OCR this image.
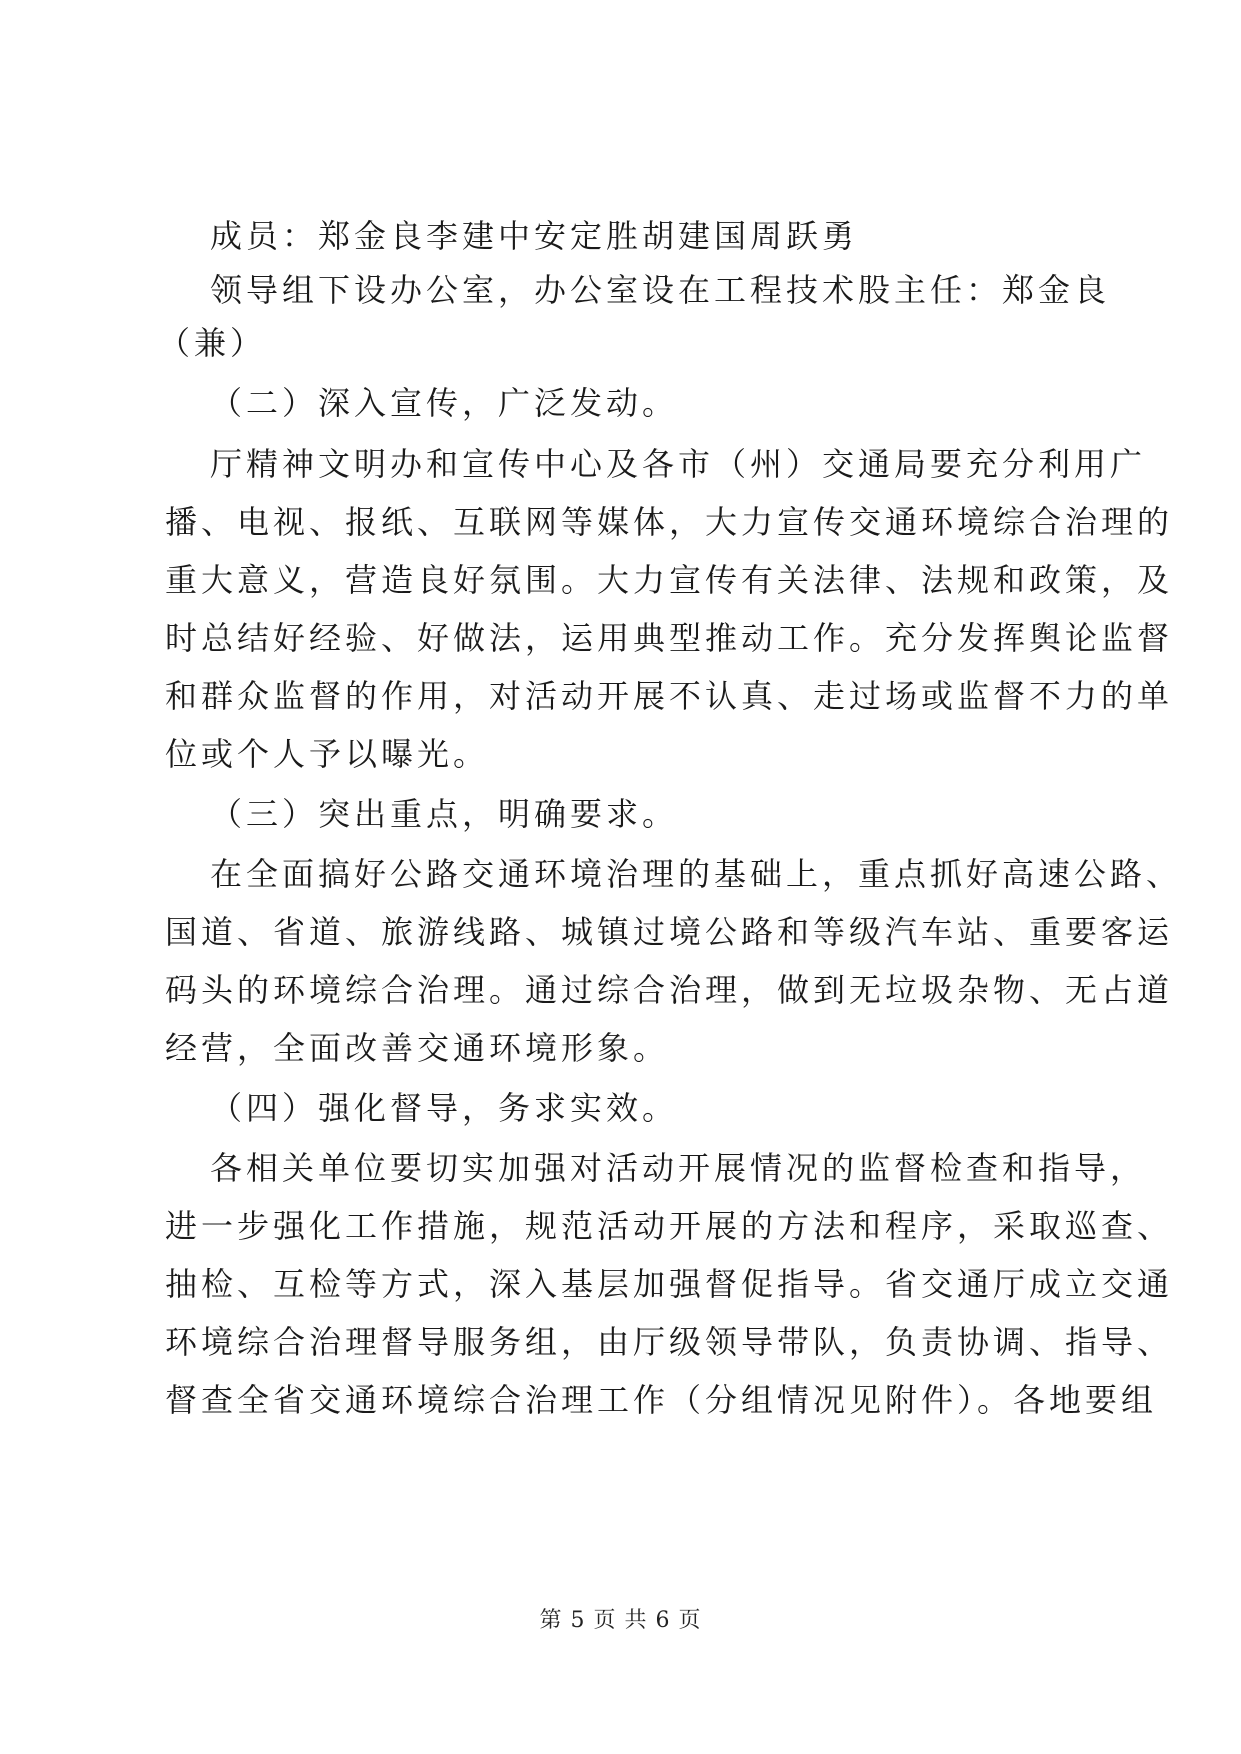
成员：郑金良李建中安定胜胡建国周跃勇
领导组下设办公室，办公室设在工程技术股主任：郑金良
（兼）
（二）深入宣传，广泛发动。
厅精神文明办和宣传中心及各市（州）交通局要充分利用广
播、电视、报纸、互联网等媒体，大力宣传交通环境综合治理的
重大意义，营造良好氛围。大力宣传有关法律、法规和政策，及
时总结好经验、好做法，运用典型推动工作。充分发挥舆论监督
和群众监督的作用，对活动开展不认真、走过场或监督不力的单
位或个人予以曝光。
（三）突出重点，明确要求。
在全面搞好公路交通环境治理的基础上，重点抓好高速公路、
国道、省道、旅游线路、城镇过境公路和等级汽车站、重要客运
码头的环境综合治理。通过综合治理，做到无垃圾杂物、无占道
经营，全面改善交通环境形象。
（四）强化督导，务求实效。
各相关单位要切实加强对活动开展情况的监督检查和指导，
进一步强化工作措施，规范活动开展的方法和程序，采取巡查、
抽检、互检等方式，深入基层加强督促指导。省交通厅成立交通
环境综合治理督导服务组，由厅级领导带队，负责协调、指导、
督查全省交通环境综合治理工作（分组情况见附件）。各地要组
第 5 页 共 6 页
